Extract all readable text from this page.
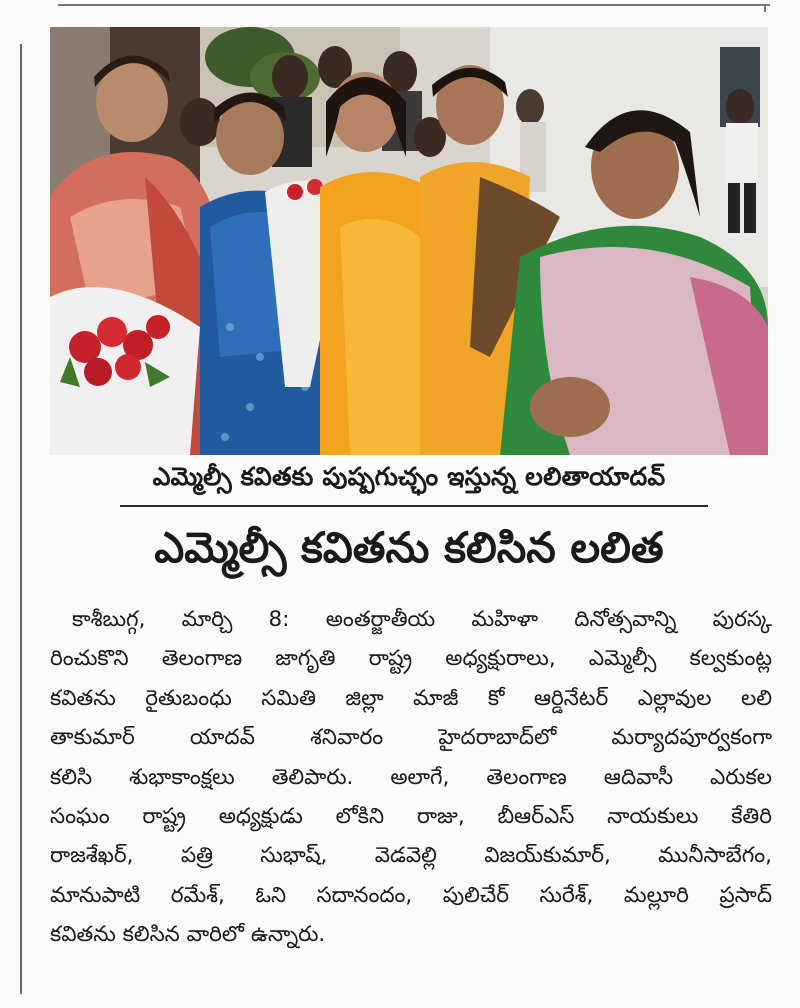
ఎమ్మెల్సీ కవితకు పుష్పగుచ్ఛం ఇస్తున్న లలితాయాదవ్
ఎమ్మెల్సీ కవితను కలిసిన లలిత
కాశీబుగ్గ, మార్చి 8: అంతర్జాతీయ మహిళా దినోత్సవాన్ని పురస్క
రించుకొని తెలంగాణ జాగృతి రాష్ట్ర అధ్యక్షురాలు, ఎమ్మెల్సీ కల్వకుంట్ల
కవితను రైతుబంధు సమితి జిల్లా మాజీ కో ఆర్డినేటర్ ఎల్లావుల లలి
తాకుమార్ యాదవ్ శనివారం హైదరాబాద్‌లో మర్యాదపూర్వకంగా
కలిసి శుభాకాంక్షలు తెలిపారు. అలాగే, తెలంగాణ ఆదివాసీ ఎరుకల
సంఘం రాష్ట్ర అధ్యక్షుడు లోకిని రాజు, బీఆర్‌ఎస్ నాయకులు కేతిరి
రాజశేఖర్, పత్రి సుభాష్, వెడవెల్లి విజయ్‌కుమార్, మునీసాబేగం,
మానుపాటి రమేశ్, ఓని సదానందం, పులిచేర్ సురేశ్, మల్లూరి ప్రసాద్
కవితను కలిసిన వారిలో ఉన్నారు.
